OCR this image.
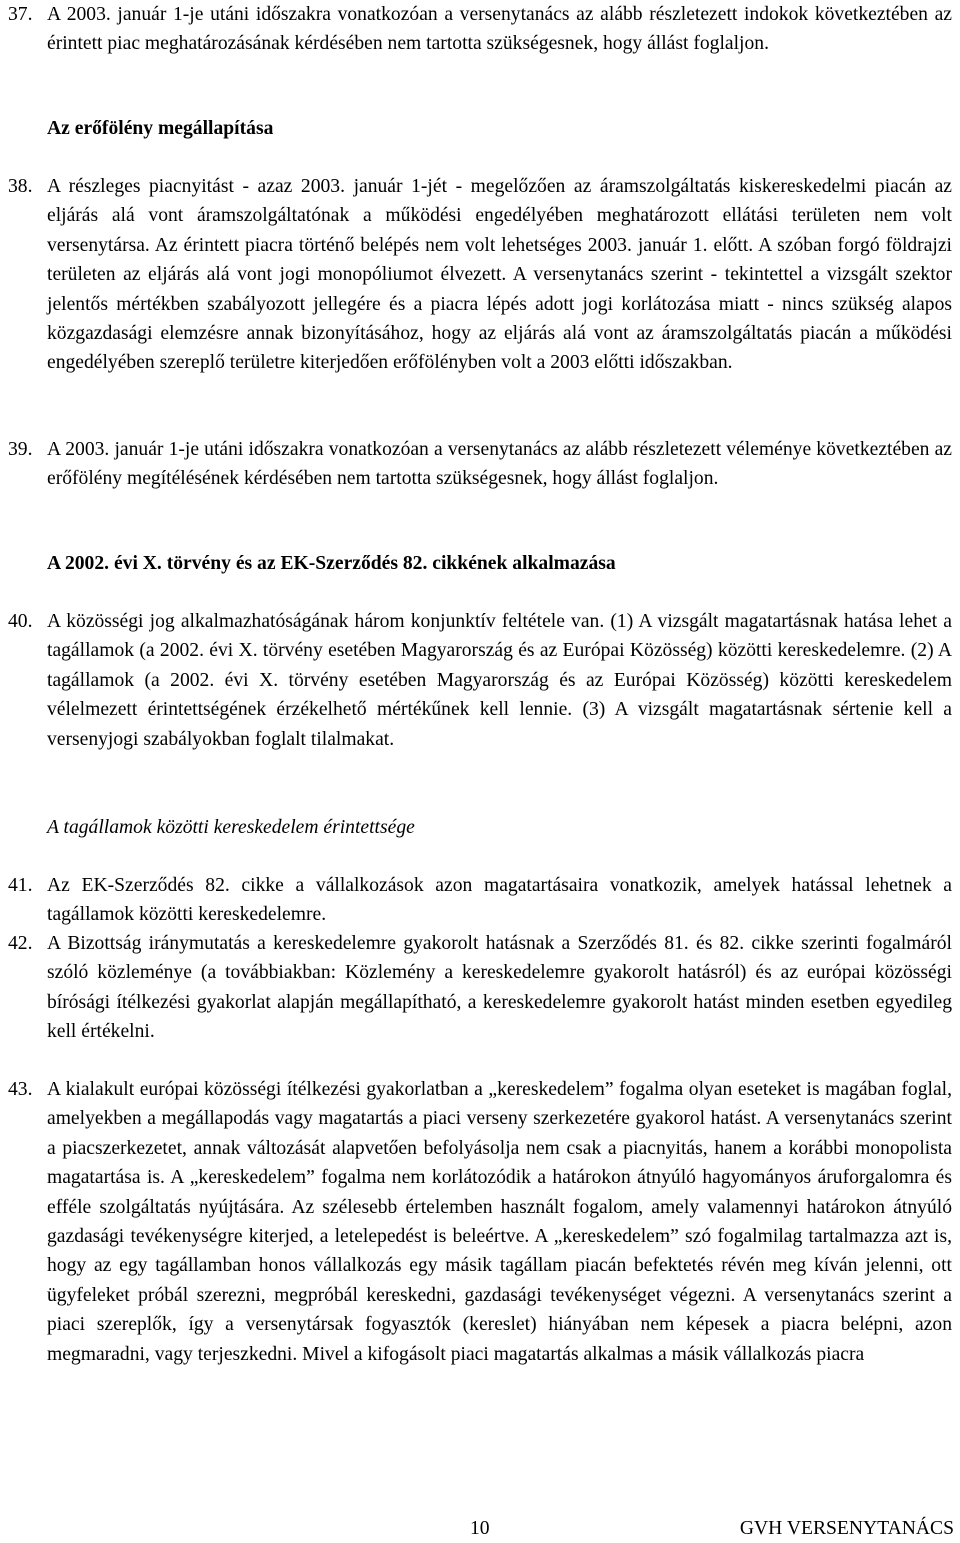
37. A 2003. január 1-je utáni időszakra vonatkozóan a versenytanács az alább részletezett indokok következtében az érintett piac meghatározásának kérdésében nem tartotta szükségesnek, hogy állást foglaljon.
Az erőfölény megállapítása
38. A részleges piacnyitást - azaz 2003. január 1-jét - megelőzően az áramszolgáltatás kiskereskedelmi piacán az eljárás alá vont áramszolgáltatónak a működési engedélyében meghatározott ellátási területen nem volt versenytársa. Az érintett piacra történő belépés nem volt lehetséges 2003. január 1. előtt. A szóban forgó földrajzi területen az eljárás alá vont jogi monopóliumot élvezett. A versenytanács szerint - tekintettel a vizsgált szektor jelentős mértékben szabályozott jellegére és a piacra lépés adott jogi korlátozása miatt - nincs szükség alapos közgazdasági elemzésre annak bizonyításához, hogy az eljárás alá vont az áramszolgáltatás piacán a működési engedélyében szereplő területre kiterjedően erőfölényben volt a 2003 előtti időszakban.
39. A 2003. január 1-je utáni időszakra vonatkozóan a versenytanács az alább részletezett véleménye következtében az erőfölény megítélésének kérdésében nem tartotta szükségesnek, hogy állást foglaljon.
A 2002. évi X. törvény és az EK-Szerződés 82. cikkének alkalmazása
40. A közösségi jog alkalmazhatóságának három konjunktív feltétele van. (1) A vizsgált magatartásnak hatása lehet a tagállamok (a 2002. évi X. törvény esetében Magyarország és az Európai Közösség) közötti kereskedelemre. (2) A tagállamok (a 2002. évi X. törvény esetében Magyarország és az Európai Közösség) közötti kereskedelem vélelmezett érintettségének érzékelhető mértékűnek kell lennie. (3) A vizsgált magatartásnak sértenie kell a versenyjogi szabályokban foglalt tilalmakat.
A tagállamok közötti kereskedelem érintettsége
41. Az EK-Szerződés 82. cikke a vállalkozások azon magatartásaira vonatkozik, amelyek hatással lehetnek a tagállamok közötti kereskedelemre.
42. A Bizottság iránymutatás a kereskedelemre gyakorolt hatásnak a Szerződés 81. és 82. cikke szerinti fogalmáról szóló közleménye (a továbbiakban: Közlemény a kereskedelemre gyakorolt hatásról) és az európai közösségi bírósági ítélkezési gyakorlat alapján megállapítható, a kereskedelemre gyakorolt hatást minden esetben egyedileg kell értékelni.
43. A kialakult európai közösségi ítélkezési gyakorlatban a „kereskedelem” fogalma olyan eseteket is magában foglal, amelyekben a megállapodás vagy magatartás a piaci verseny szerkezetére gyakorol hatást. A versenytanács szerint a piacszerkezetet, annak változását alapvetően befolyásolja nem csak a piacnyitás, hanem a korábbi monopolista magatartása is. A „kereskedelem” fogalma nem korlátozódik a határokon átnyúló hagyományos áruforgalomra és efféle szolgáltatás nyújtására. Az szélesebb értelemben használt fogalom, amely valamennyi határokon átnyúló gazdasági tevékenységre kiterjed, a letelepedést is beleértve. A „kereskedelem” szó fogalmilag tartalmazza azt is, hogy az egy tagállamban honos vállalkozás egy másik tagállam piacán befektetés révén meg kíván jelenni, ott ügyfeleket próbál szerezni, megpróbál kereskedni, gazdasági tevékenységet végezni. A versenytanács szerint a piaci szereplők, így a versenytársak fogyasztók (kereslet) hiányában nem képesek a piacra belépni, azon megmaradni, vagy terjeszkedni. Mivel a kifogásolt piaci magatartás alkalmas a másik vállalkozás piacra
10	GVH VERSENYTANÁCS
